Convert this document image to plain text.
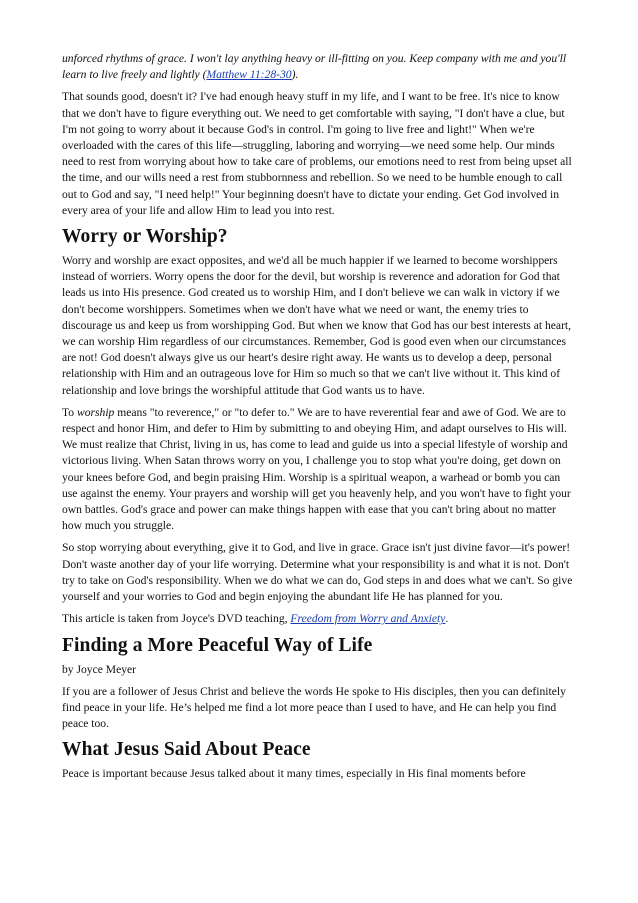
unforced rhythms of grace. I won't lay anything heavy or ill-fitting on you. Keep company with me and you'll learn to live freely and lightly (Matthew 11:28-30).

That sounds good, doesn't it? I've had enough heavy stuff in my life, and I want to be free. It's nice to know that we don't have to figure everything out. We need to get comfortable with saying, "I don't have a clue, but I'm not going to worry about it because God's in control. I'm going to live free and light!" When we're overloaded with the cares of this life—struggling, laboring and worrying—we need some help. Our minds need to rest from worrying about how to take care of problems, our emotions need to rest from being upset all the time, and our wills need a rest from stubbornness and rebellion. So we need to be humble enough to call out to God and say, "I need help!" Your beginning doesn't have to dictate your ending. Get God involved in every area of your life and allow Him to lead you into rest.

Worry or Worship?

Worry and worship are exact opposites, and we'd all be much happier if we learned to become worshippers instead of worriers. Worry opens the door for the devil, but worship is reverence and adoration for God that leads us into His presence. God created us to worship Him, and I don't believe we can walk in victory if we don't become worshippers. Sometimes when we don't have what we need or want, the enemy tries to discourage us and keep us from worshipping God. But when we know that God has our best interests at heart, we can worship Him regardless of our circumstances. Remember, God is good even when our circumstances are not! God doesn't always give us our heart's desire right away. He wants us to develop a deep, personal relationship with Him and an outrageous love for Him so much so that we can't live without it. This kind of relationship and love brings the worshipful attitude that God wants us to have.

To worship means "to reverence," or "to defer to." We are to have reverential fear and awe of God. We are to respect and honor Him, and defer to Him by submitting to and obeying Him, and adapt ourselves to His will. We must realize that Christ, living in us, has come to lead and guide us into a special lifestyle of worship and victorious living. When Satan throws worry on you, I challenge you to stop what you're doing, get down on your knees before God, and begin praising Him. Worship is a spiritual weapon, a warhead or bomb you can use against the enemy. Your prayers and worship will get you heavenly help, and you won't have to fight your own battles. God's grace and power can make things happen with ease that you can't bring about no matter how much you struggle.

So stop worrying about everything, give it to God, and live in grace. Grace isn't just divine favor—it's power! Don't waste another day of your life worrying. Determine what your responsibility is and what it is not. Don't try to take on God's responsibility. When we do what we can do, God steps in and does what we can't. So give yourself and your worries to God and begin enjoying the abundant life He has planned for you.

This article is taken from Joyce's DVD teaching, Freedom from Worry and Anxiety.

Finding a More Peaceful Way of Life

by Joyce Meyer

If you are a follower of Jesus Christ and believe the words He spoke to His disciples, then you can definitely find peace in your life. He’s helped me find a lot more peace than I used to have, and He can help you find peace too.

What Jesus Said About Peace

Peace is important because Jesus talked about it many times, especially in His final moments before
